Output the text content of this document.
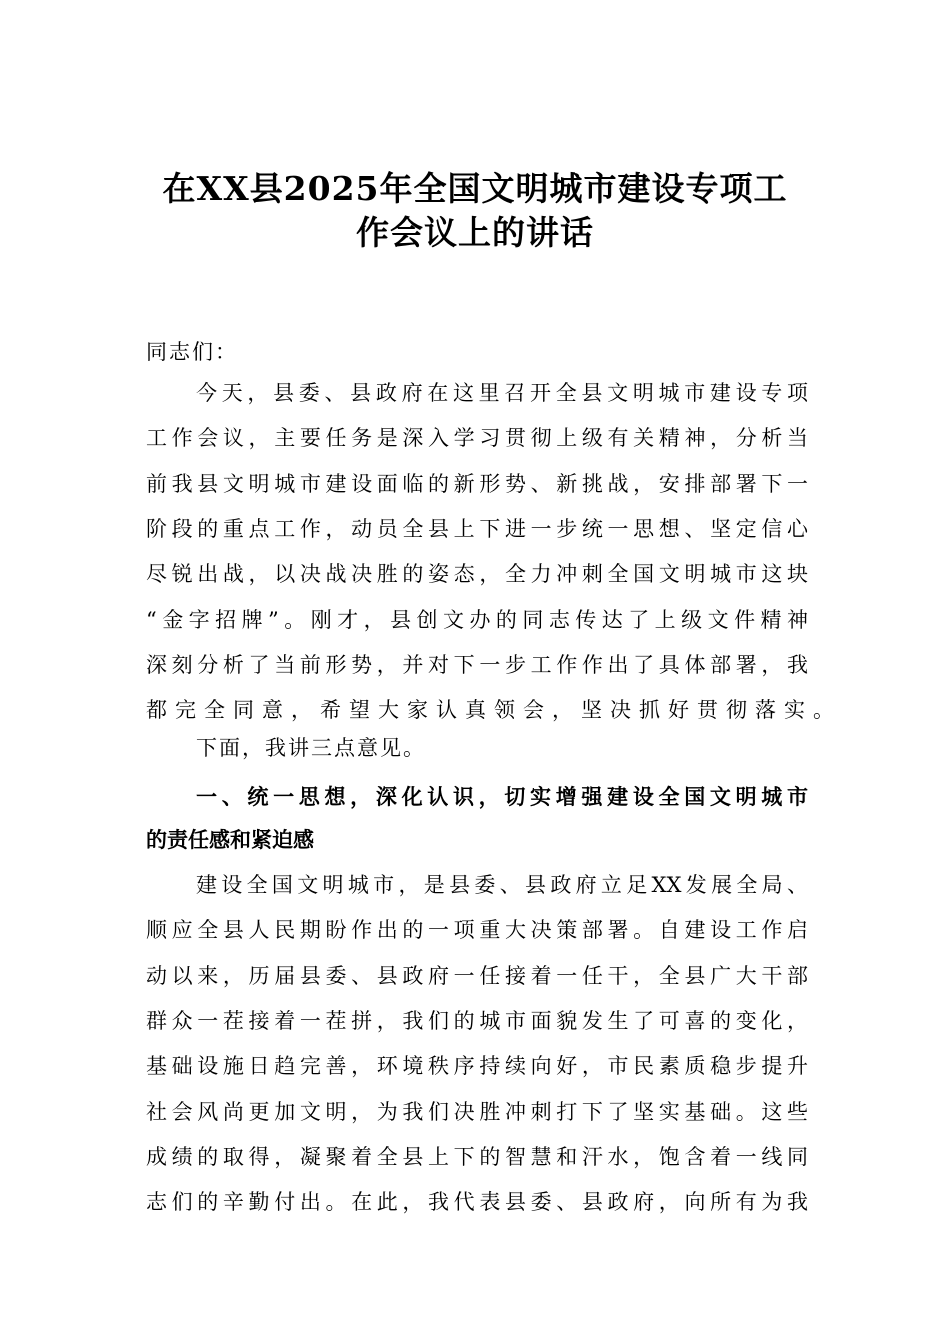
在XX县2025年全国文明城市建设专项工
作会议上的讲话
同志们：
今天，县委、县政府在这里召开全县文明城市建设专项
工作会议，主要任务是深入学习贯彻上级有关精神，分析当
前我县文明城市建设面临的新形势、新挑战，安排部署下一
阶段的重点工作，动员全县上下进一步统一思想、坚定信心
尽锐出战，以决战决胜的姿态，全力冲刺全国文明城市这块
“金字招牌”。刚才，县创文办的同志传达了上级文件精神
深刻分析了当前形势，并对下一步工作作出了具体部署，我
都完全同意，希望大家认真领会，坚决抓好贯彻落实。
下面，我讲三点意见。
一、统一思想，深化认识，切实增强建设全国文明城市
的责任感和紧迫感
建设全国文明城市，是县委、县政府立足XX发展全局、
顺应全县人民期盼作出的一项重大决策部署。自建设工作启
动以来，历届县委、县政府一任接着一任干，全县广大干部
群众一茬接着一茬拼，我们的城市面貌发生了可喜的变化，
基础设施日趋完善，环境秩序持续向好，市民素质稳步提升
社会风尚更加文明，为我们决胜冲刺打下了坚实基础。这些
成绩的取得，凝聚着全县上下的智慧和汗水，饱含着一线同
志们的辛勤付出。在此，我代表县委、县政府，向所有为我
